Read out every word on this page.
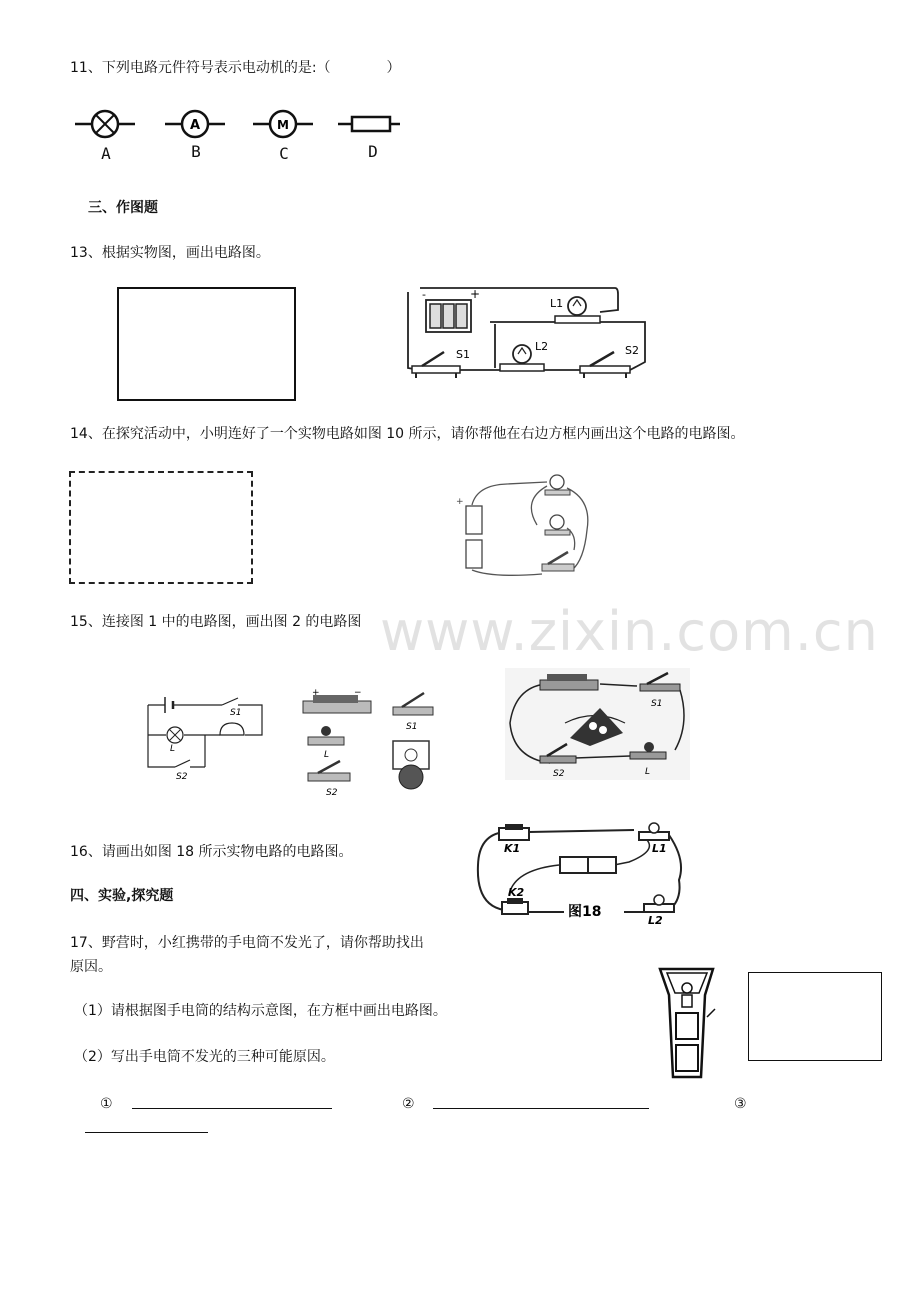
11、下列电路元件符号表示电动机的是:（　　　　）
A	M
A	B	C	D
三、作图题
13、根据实物图，画出电路图。
-	+
L1
L2
S1	S2
14、在探究活动中，小明连好了一个实物电路如图 10 所示，请你帮他在右边方框内画出这个电路的电路图。
+
15、连接图 1 中的电路图，画出图 2 的电路图 www.zixin.com.cn
S1
L
S2
+	−
S1
L
S2
S1
S2	L
16、请画出如图 18 所示实物电路的电路图。	K1	L1
K2
图18
L2
四、实验,探究题
17、野营时，小红携带的手电筒不发光了，请你帮助找出
原因。
（1）请根据图手电筒的结构示意图，在方框中画出电路图。
（2）写出手电筒不发光的三种可能原因。
①	②	③
